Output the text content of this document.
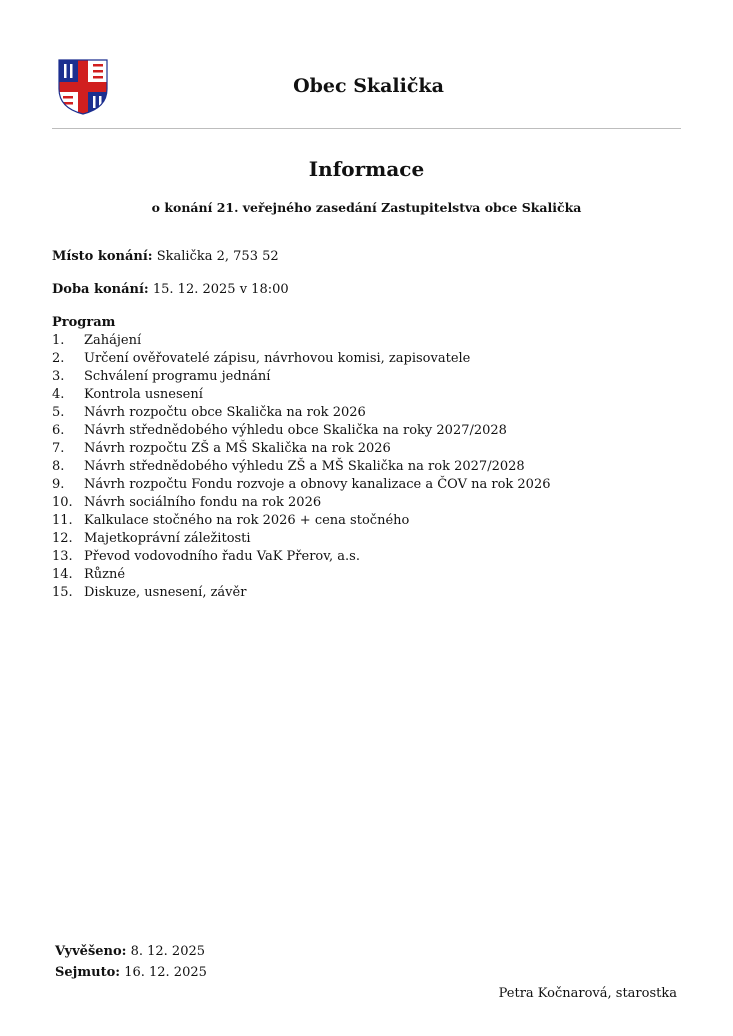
Obec Skalička
Informace
o konání 21. veřejného zasedání Zastupitelstva obce Skalička
Místo konání: Skalička 2, 753 52
Doba konání: 15. 12. 2025 v 18:00
Program
1. Zahájení
2. Určení ověřovatelé zápisu, návrhovou komisi, zapisovatele
3. Schválení programu jednání
4. Kontrola usnesení
5. Návrh rozpočtu obce Skalička na rok 2026
6. Návrh střednědobého výhledu obce Skalička na roky 2027/2028
7. Návrh rozpočtu ZŠ a MŠ Skalička na rok 2026
8. Návrh střednědobého výhledu ZŠ a MŠ Skalička na rok 2027/2028
9. Návrh rozpočtu Fondu rozvoje a obnovy kanalizace a ČOV na rok 2026
10. Návrh sociálního fondu na rok 2026
11. Kalkulace stočného na rok 2026 + cena stočného
12. Majetkoprávní záležitosti
13. Převod vodovodního řadu VaK Přerov, a.s.
14. Různé
15. Diskuze, usnesení, závěr
Vyvěšeno: 8. 12. 2025
Sejmuto: 16. 12. 2025
Petra Kočnarová, starostka
